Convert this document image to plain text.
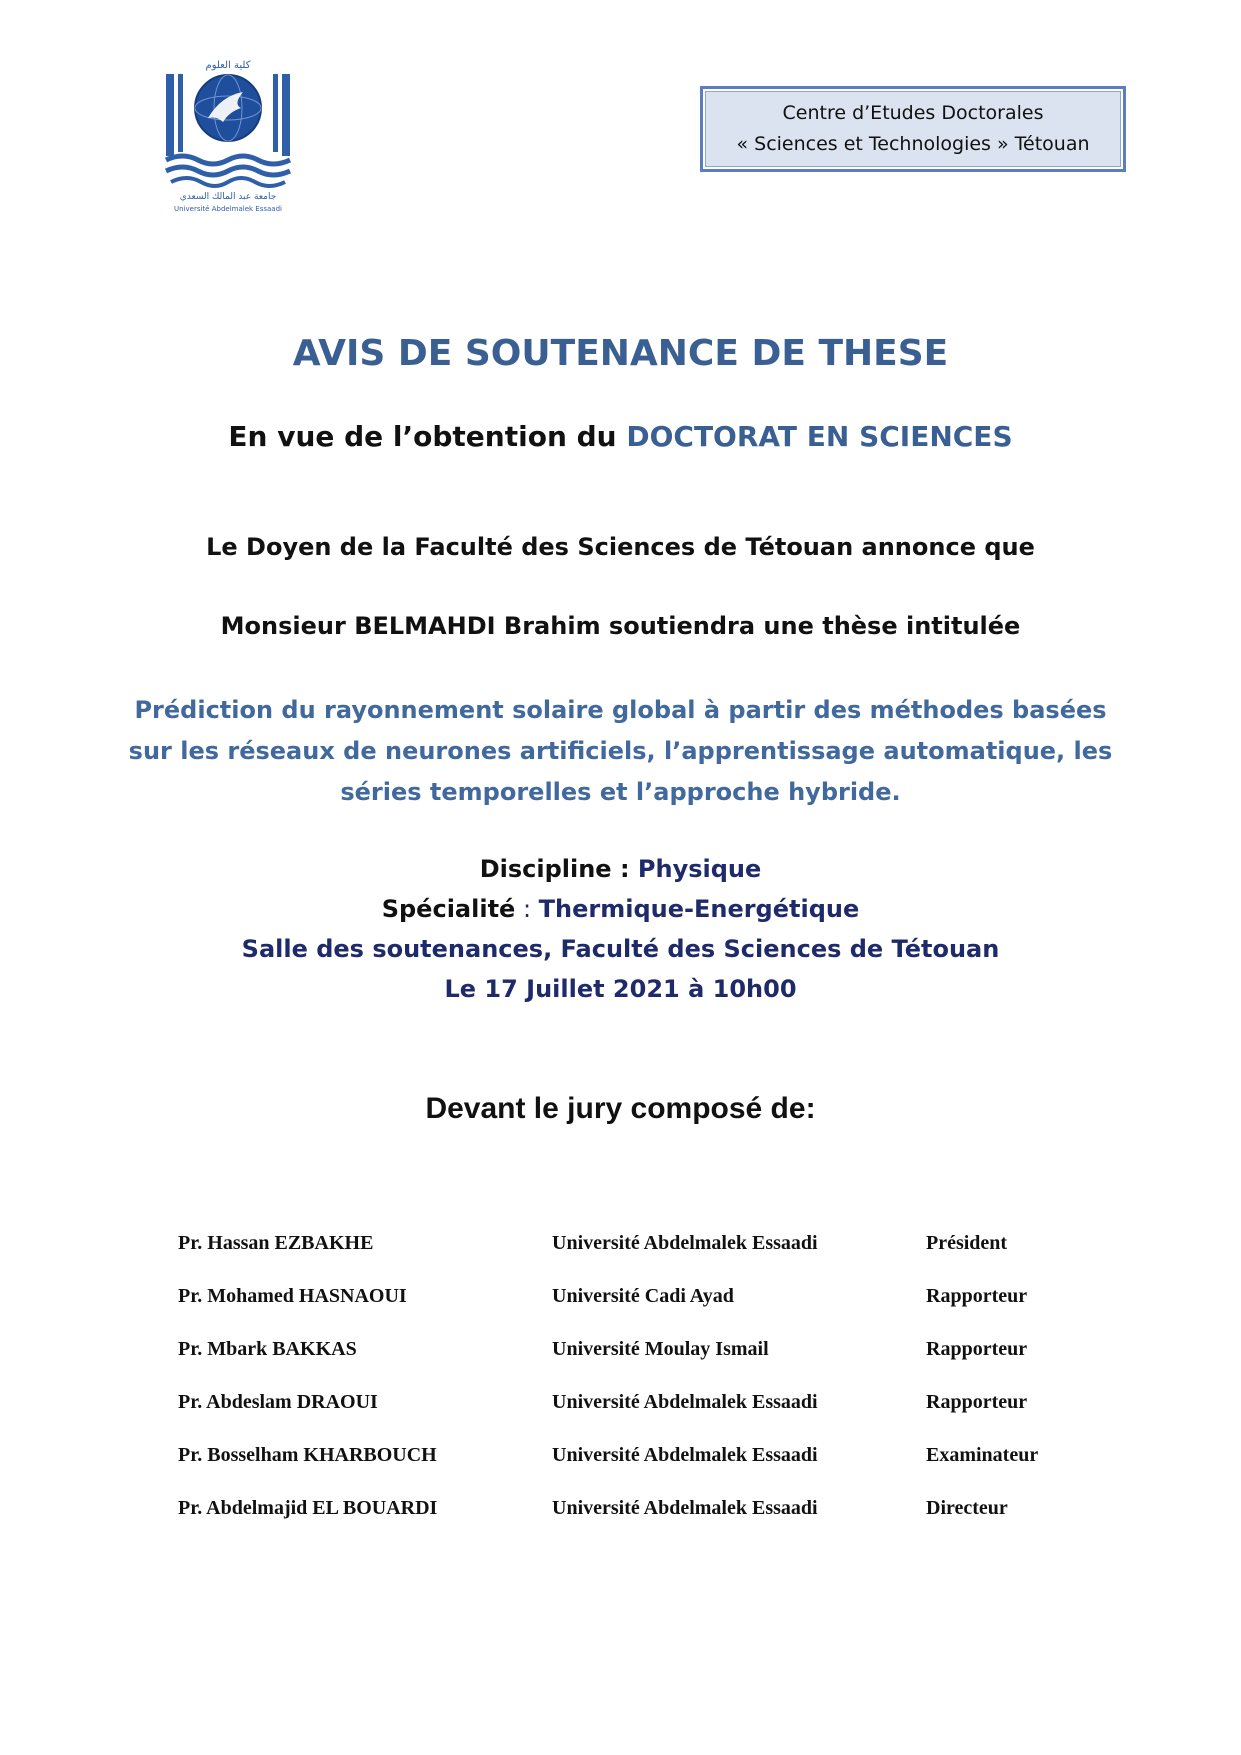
كلية العلوم
جامعة عبد المالك السعدي
Université Abdelmalek Essaadi
Centre d’Etudes Doctorales
« Sciences et Technologies » Tétouan
AVIS DE SOUTENANCE DE THESE
En vue de l’obtention du DOCTORAT EN SCIENCES
Le Doyen de la Faculté des Sciences de Tétouan annonce que
Monsieur BELMAHDI Brahim soutiendra une thèse intitulée
Prédiction du rayonnement solaire global à partir des méthodes basées
sur les réseaux de neurones artificiels, l’apprentissage automatique, les
séries temporelles et l’approche hybride.
Discipline : Physique
Spécialité : Thermique-Energétique
Salle des soutenances, Faculté des Sciences de Tétouan
Le 17 Juillet 2021 à 10h00
Devant le jury composé de:
Pr. Hassan EZBAKHE	Université Abdelmalek Essaadi	Président
Pr. Mohamed HASNAOUI	Université Cadi Ayad	Rapporteur
Pr. Mbark BAKKAS	Université Moulay Ismail	Rapporteur
Pr. Abdeslam DRAOUI	Université Abdelmalek Essaadi	Rapporteur
Pr. Bosselham KHARBOUCH	Université Abdelmalek Essaadi	Examinateur
Pr. Abdelmajid EL BOUARDI	Université Abdelmalek Essaadi	Directeur
